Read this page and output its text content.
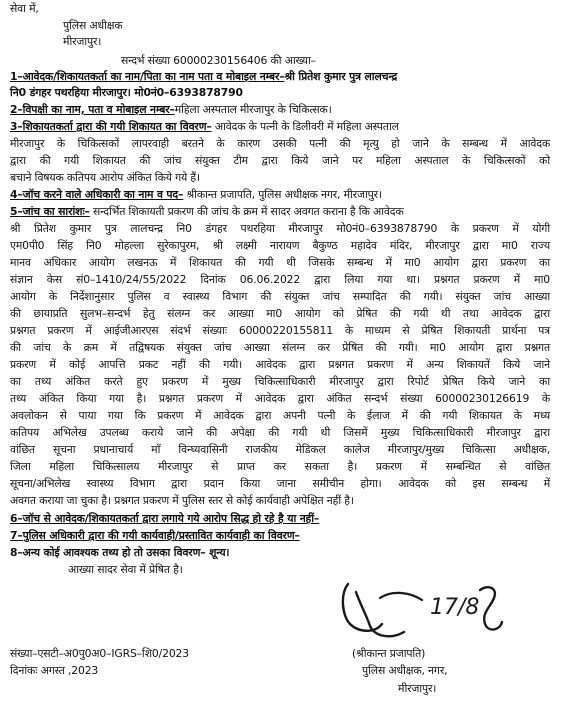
सेवा में,
पुलिस अधीक्षक
मीरजापुर।
सन्दर्भ संख्या 60000230156406 की आख्या–
1–आवेदक/शिकायतकर्ता का नाम/पिता का नाम पता व मोबाइल नम्बर–श्री प्रितेश कुमार पुत्र लालचन्द्र
नि0 डंगहर पथरहिया मीरजापुर। मो0नं0–6393878790
2–विपक्षी का नाम, पता व मोबाइल नम्बर–महिला अस्पताल मीरजापुर के चिकित्सक।
3–शिकायतकर्ता द्वारा की गयी शिकायत का विवरण– आवेदक के पत्नी के डिलीवरी में महिला अस्पताल
मीरजापुर के चिकित्सकों लापरवाही बरतने के कारण उसकी पत्नी की मृत्यु हो जाने के सम्बन्ध में आवेदक
द्वारा की गयी शिकायत की जांच संयुक्त टीम द्वारा किये जाने पर महिला अस्पताल के चिकित्सकों को
बचाने विषयक कतिपय आरोप अंकित किये गये हैं।
4–जॉच करने वाले अधिकारी का नाम व पद– श्रीकान्त प्रजापति, पुलिस अधीक्षक नगर, मीरजापुर।
5–जांच का सारांशः– सन्दर्भित शिकायती प्रकरण की जांच के क्रम में सादर अवगत कराना है कि आवेदक
श्री प्रितेश कुमार पुत्र लालचन्द्र नि0 डंगहर पथरहिया मीरजापुर मो0नं0–6393878790 के प्रकरण में योगी
एम0पी0 सिंह नि0 मोहल्ला सुरेकापुरम, श्री लक्ष्मी नारायण बैकुण्ठ महादेव मंदिर, मीरजापुर द्वारा मा0 राज्य
मानव अधिकार आयोग लखनऊ में शिकायत की गयी थी जिसके सम्बन्ध में मा0 आयोग द्वारा प्रकरण का
संज्ञान केस सं0–1410/24/55/2022 दिनांक 06.06.2022 द्वारा लिया गया था। प्रश्नगत प्रकरण में मा0
आयोग के निर्देशानुसार पुलिस व स्वास्थ्य विभाग की संयुक्त जांच सम्पादित की गयी। संयुक्त जांच आख्या
की छायाप्रति सुलभ–सन्दर्भ हेतु संलग्न कर आख्या मा0 आयोग को प्रेषित की गयी थी तथा आवेदक द्वारा
प्रश्नगत प्रकरण में आईजीआरएस संदर्भ संख्याः 60000220155811 के माध्यम से प्रेषित शिकायती प्रार्थना पत्र
की जांच के क्रम में तद्विषयक संयुक्त जांच आख्या संलग्न कर प्रेषित की गयी। मा0 आयोग द्वारा प्रश्नगत
प्रकरण में कोई आपत्ति प्रकट नहीं की गयी। आवेदक द्वारा प्रश्नगत प्रकरण में अन्य शिकायतें किये जाने
का तथ्य अंकित करते हुए प्रकरण में मुख्य चिकित्साधिकारी मीरजापुर द्वारा रिपोर्ट प्रेषित किये जाने का
तथ्य अंकित किया गया है। प्रश्नगत प्रकरण में आवेदक द्वारा अंकित सन्दर्भ संख्या 60000230126619 के
अवलोकन से पाया गया कि प्रकरण में आवेदक द्वारा अपनी पत्नी के ईलाज में की गयी शिकायत के मध्य
कतिपय अभिलेख उपलब्ध कराये जाने की अपेक्षा की गयी थी जिसमें मुख्य चिकित्साधिकारी मीरजापुर द्वारा
वांछित सूचना प्रधानाचार्य माँ विन्घ्यवासिनी राजकीय मेडिकल कालेज मीरजापुर/मुख्य चिकित्सा अधीक्षक,
जिला महिला चिकित्सालय मीरजापुर से प्राप्त कर सकता है। प्रकरण में सम्बन्धित से वांछित
सूचना/अभिलेख स्वास्थ्य विभाग द्वारा प्रदान किया जाना समीचीन होगा। आवेदक को इस सम्बन्ध में
अवगत कराया जा चुका है। प्रश्नगत प्रकरण में पुलिस स्तर से कोई कार्यवाही अपेक्षित नहीं है।
6–जॉच से आवेदक/शिकायतकर्ता द्वारा लगाये गये आरोप सिद्ध हो रहे है या नहीं–
7–पुलिस अधिकारी द्वारा की गयी कार्यवाही/प्रस्तावित कार्यवाही का विवरण–
8–अन्य कोई आवश्यक तथ्य हो तो उसका विवरण– शून्य।
आख्या सादर सेवा में प्रेषित है।
संख्या–एसटी–अ0पु0अ0–IGRS–शि0/2023
दिनांकः अगस्त ,2023
17/8
(श्रीकान्त प्रजापति)
पुलिस अधीक्षक, नगर,
मीरजापुर।
